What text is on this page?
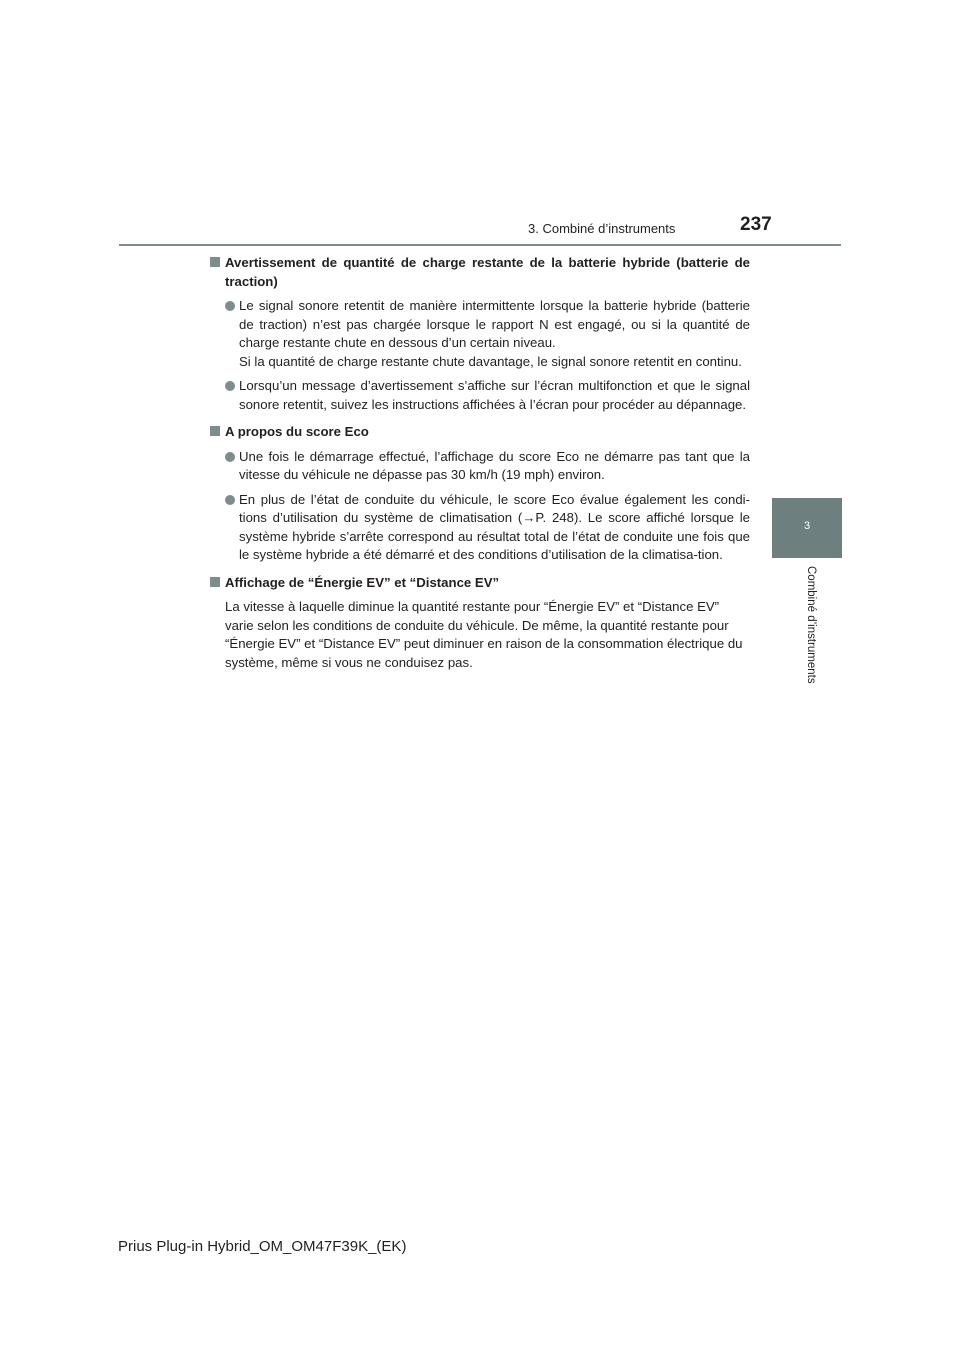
3. Combiné d’instruments	237
3
Combiné d’instruments
Avertissement de quantité de charge restante de la batterie hybride (batterie de traction)
Le signal sonore retentit de manière intermittente lorsque la batterie hybride (batterie de traction) n’est pas chargée lorsque le rapport N est engagé, ou si la quantité de charge restante chute en dessous d’un certain niveau.
Si la quantité de charge restante chute davantage, le signal sonore retentit en continu.
Lorsqu’un message d’avertissement s’affiche sur l’écran multifonction et que le signal sonore retentit, suivez les instructions affichées à l’écran pour procéder au dépannage.
A propos du score Eco
Une fois le démarrage effectué, l’affichage du score Eco ne démarre pas tant que la vitesse du véhicule ne dépasse pas 30 km/h (19 mph) environ.
En plus de l’état de conduite du véhicule, le score Eco évalue également les condi-tions d’utilisation du système de climatisation (→P. 248). Le score affiché lorsque le système hybride s’arrête correspond au résultat total de l’état de conduite une fois que le système hybride a été démarré et des conditions d’utilisation de la climatisa-tion.
Affichage de “Énergie EV” et “Distance EV”
La vitesse à laquelle diminue la quantité restante pour “Énergie EV” et “Distance EV” varie selon les conditions de conduite du véhicule. De même, la quantité restante pour “Énergie EV” et “Distance EV” peut diminuer en raison de la consommation électrique du système, même si vous ne conduisez pas.
Prius Plug-in Hybrid_OM_OM47F39K_(EK)
